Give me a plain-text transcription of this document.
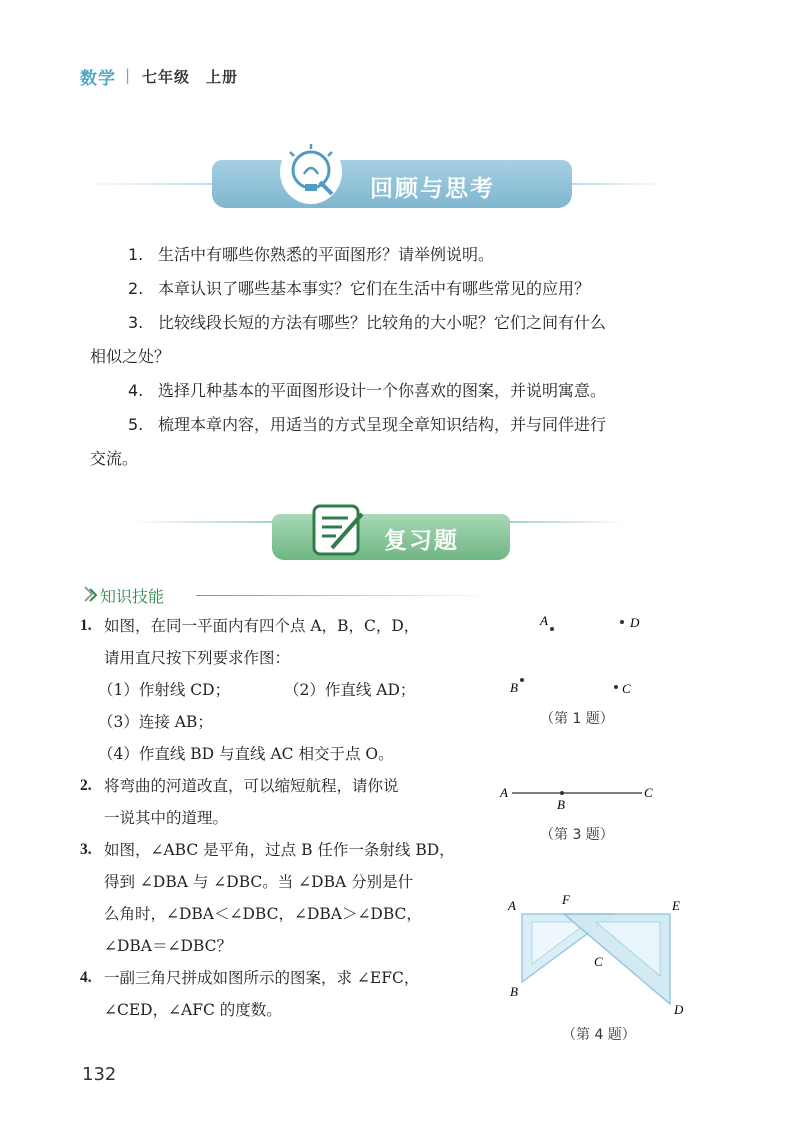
数学 | 七年级　上册
回顾与思考
1. 生活中有哪些你熟悉的平面图形？请举例说明。
2. 本章认识了哪些基本事实？它们在生活中有哪些常见的应用？
3. 比较线段长短的方法有哪些？比较角的大小呢？它们之间有什么
相似之处？
4. 选择几种基本的平面图形设计一个你喜欢的图案，并说明寓意。
5. 梳理本章内容，用适当的方式呈现全章知识结构，并与同伴进行
交流。
复习题
知识技能
1. 如图，在同一平面内有四个点 A，B，C，D，
请用直尺按下列要求作图：
（1）作射线 CD；	（2）作直线 AD；
（3）连接 AB；
（4）作直线 BD 与直线 AC 相交于点 O。
2. 将弯曲的河道改直，可以缩短航程，请你说
一说其中的道理。
3. 如图，∠ABC 是平角，过点 B 任作一条射线 BD，
得到 ∠DBA 与 ∠DBC。当 ∠DBA 分别是什
么角时，∠DBA＜∠DBC，∠DBA＞∠DBC，
∠DBA＝∠DBC？
4. 一副三角尺拼成如图所示的图案，求 ∠EFC，
∠CED，∠AFC 的度数。
A	D
B	C
（第 1 题）
A
B
C
（第 3 题）
A	F	E
C
B
D
（第 4 题）
132
